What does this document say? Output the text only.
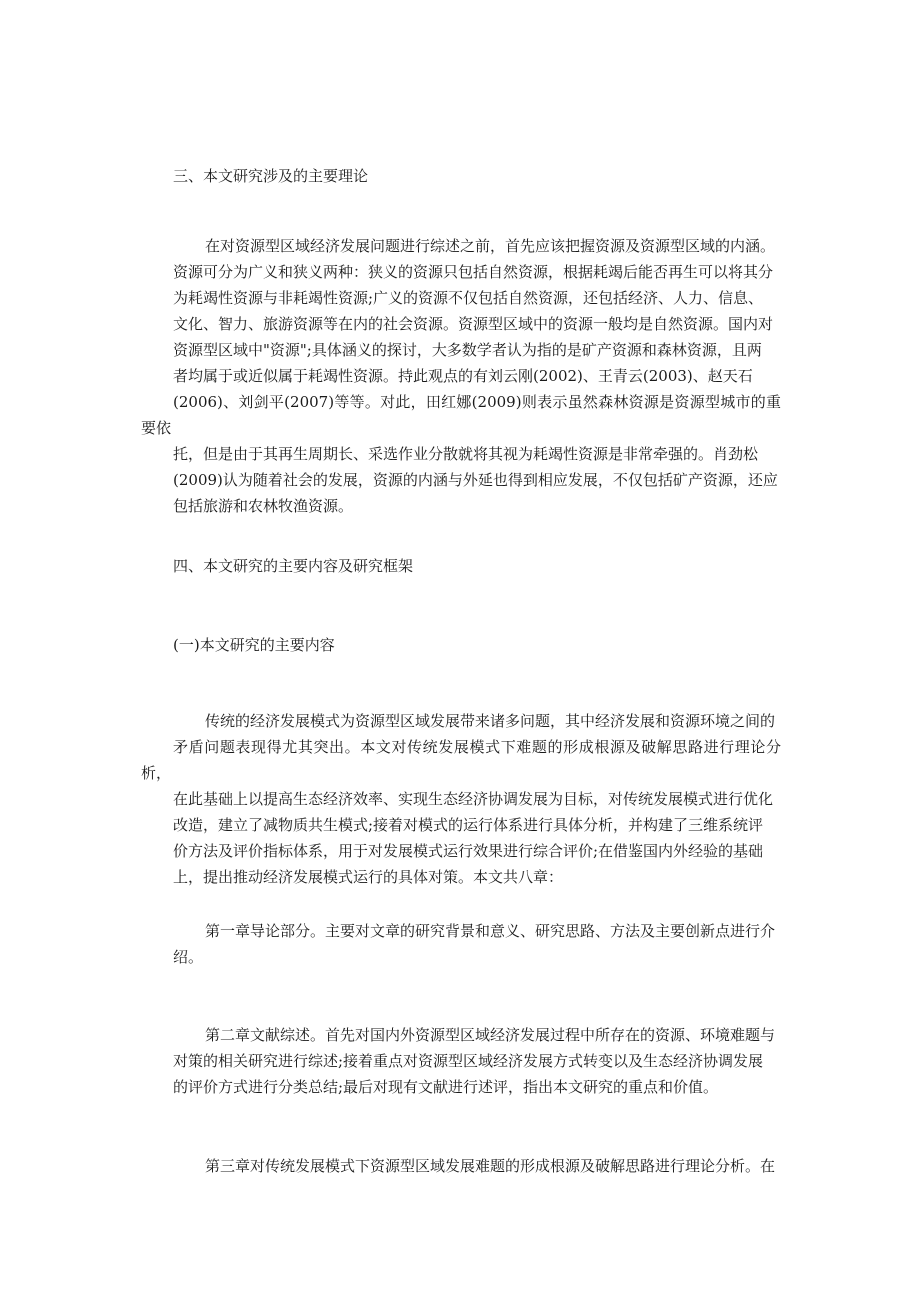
三、本文研究涉及的主要理论
在对资源型区域经济发展问题进行综述之前，首先应该把握资源及资源型区域的内涵。
资源可分为广义和狭义两种：狭义的资源只包括自然资源，根据耗竭后能否再生可以将其分
为耗竭性资源与非耗竭性资源;广义的资源不仅包括自然资源，还包括经济、人力、信息、
文化、智力、旅游资源等在内的社会资源。资源型区域中的资源一般均是自然资源。国内对
资源型区域中"资源";具体涵义的探讨，大多数学者认为指的是矿产资源和森林资源，且两
者均属于或近似属于耗竭性资源。持此观点的有刘云刚(2002)、王青云(2003)、赵天石
(2006)、刘剑平(2007)等等。对此，田红娜(2009)则表示虽然森林资源是资源型城市的重要依
托，但是由于其再生周期长、采选作业分散就将其视为耗竭性资源是非常牵强的。肖劲松
(2009)认为随着社会的发展，资源的内涵与外延也得到相应发展，不仅包括矿产资源，还应
包括旅游和农林牧渔资源。
四、本文研究的主要内容及研究框架
(一)本文研究的主要内容
传统的经济发展模式为资源型区域发展带来诸多问题，其中经济发展和资源环境之间的
矛盾问题表现得尤其突出。本文对传统发展模式下难题的形成根源及破解思路进行理论分析，
在此基础上以提高生态经济效率、实现生态经济协调发展为目标，对传统发展模式进行优化
改造，建立了减物质共生模式;接着对模式的运行体系进行具体分析，并构建了三维系统评
价方法及评价指标体系，用于对发展模式运行效果进行综合评价;在借鉴国内外经验的基础
上，提出推动经济发展模式运行的具体对策。本文共八章：
第一章导论部分。主要对文章的研究背景和意义、研究思路、方法及主要创新点进行介
绍。
第二章文献综述。首先对国内外资源型区域经济发展过程中所存在的资源、环境难题与
对策的相关研究进行综述;接着重点对资源型区域经济发展方式转变以及生态经济协调发展
的评价方式进行分类总结;最后对现有文献进行述评，指出本文研究的重点和价值。
第三章对传统发展模式下资源型区域发展难题的形成根源及破解思路进行理论分析。在
